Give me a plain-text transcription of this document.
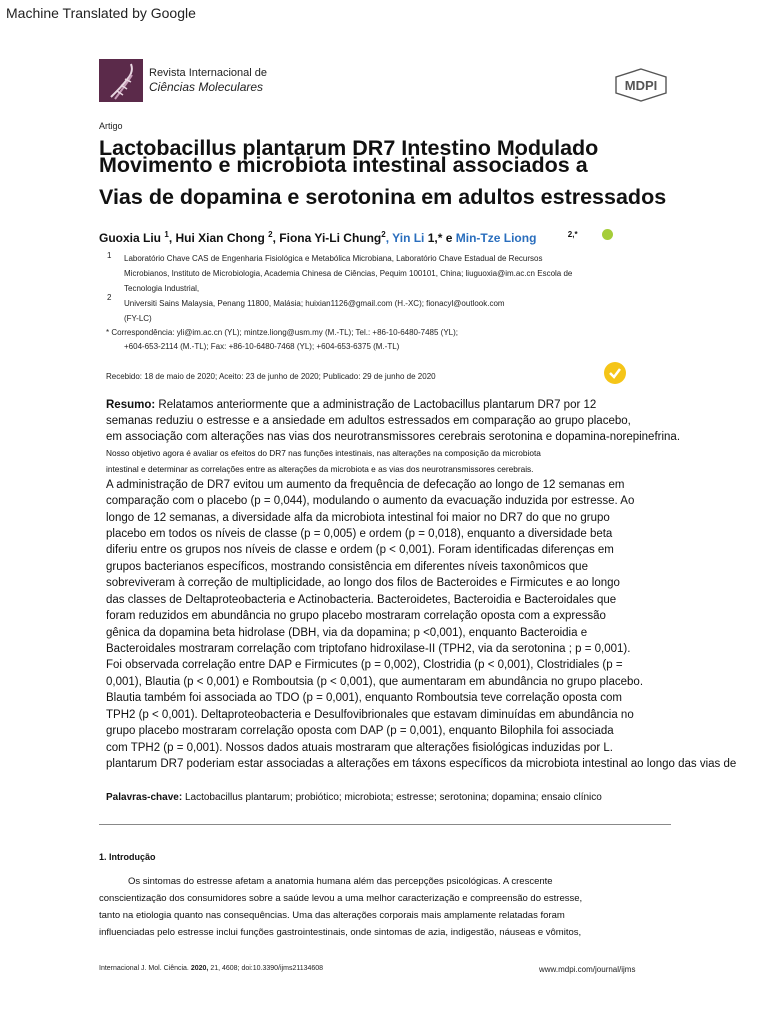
Machine Translated by Google
Revista Internacional de
Ciências Moleculares	MDPI
Artigo
Lactobacillus plantarum DR7 Intestino Modulado
Movimento e microbiota intestinal associados a
Vias de dopamina e serotonina em adultos estressados
Guoxia Liu $^1$, Hui Xian Chong $^2$, Fiona Yi-Li Chung$^2$, Yin Li 1,* e Min-Tze Liong	$^{2,*}$
1 Laboratório Chave CAS de Engenharia Fisiológica e Metabólica Microbiana, Laboratório Chave Estadual de Recursos
Microbianos, Instituto de Microbiologia, Academia Chinesa de Ciências, Pequim 100101, China; liuguoxia@im.ac.cn Escola de
Tecnologia Industrial,
2
Universiti Sains Malaysia, Penang 11800, Malásia; huixian1126@gmail.com (H.-XC); fionacyl@outlook.com
(FY-LC)
* Correspondência: yli@im.ac.cn (YL); mintze.liong@usm.my (M.-TL); Tel.: +86-10-6480-7485 (YL);
+604-653-2114 (M.-TL); Fax: +86-10-6480-7468 (YL); +604-653-6375 (M.-TL)
Recebido: 18 de maio de 2020; Aceito: 23 de junho de 2020; Publicado: 29 de junho de 2020
Resumo: Relatamos anteriormente que a administração de Lactobacillus plantarum DR7 por 12
semanas reduziu o estresse e a ansiedade em adultos estressados em comparação ao grupo placebo,
em associação com alterações nas vias dos neurotransmissores cerebrais serotonina e dopamina-norepinefrina.
Nosso objetivo agora é avaliar os efeitos do DR7 nas funções intestinais, nas alterações na composição da microbiota
intestinal e determinar as correlações entre as alterações da microbiota e as vias dos neurotransmissores cerebrais.
A administração de DR7 evitou um aumento da frequência de defecação ao longo de 12 semanas em
comparação com o placebo (p = 0,044), modulando o aumento da evacuação induzida por estresse. Ao
longo de 12 semanas, a diversidade alfa da microbiota intestinal foi maior no DR7 do que no grupo
placebo em todos os níveis de classe (p = 0,005) e ordem (p = 0,018), enquanto a diversidade beta
diferiu entre os grupos nos níveis de classe e ordem (p < 0,001). Foram identificadas diferenças em
grupos bacterianos específicos, mostrando consistência em diferentes níveis taxonômicos que
sobreviveram à correção de multiplicidade, ao longo dos filos de Bacteroides e Firmicutes e ao longo
das classes de Deltaproteobacteria e Actinobacteria. Bacteroidetes, Bacteroidia e Bacteroidales que
foram reduzidos em abundância no grupo placebo mostraram correlação oposta com a expressão
gênica da dopamina beta hidrolase (DBH, via da dopamina; p <0,001), enquanto Bacteroidia e
Bacteroidales mostraram correlação com triptofano hidroxilase-II (TPH2, via da serotonina ; p = 0,001).
Foi observada correlação entre DAP e Firmicutes (p = 0,002), Clostridia (p < 0,001), Clostridiales (p =
0,001), Blautia (p < 0,001) e Romboutsia (p < 0,001), que aumentaram em abundância no grupo placebo.
Blautia também foi associada ao TDO (p = 0,001), enquanto Romboutsia teve correlação oposta com
TPH2 (p < 0,001). Deltaproteobacteria e Desulfovibrionales que estavam diminuídas em abundância no
grupo placebo mostraram correlação oposta com DAP (p = 0,001), enquanto Bilophila foi associada
com TPH2 (p = 0,001). Nossos dados atuais mostraram que alterações fisiológicas induzidas por L.
plantarum DR7 poderiam estar associadas a alterações em táxons específicos da microbiota intestinal ao longo das vias de
Palavras-chave: Lactobacillus plantarum; probiótico; microbiota; estresse; serotonina; dopamina; ensaio clínico
1. Introdução
Os sintomas do estresse afetam a anatomia humana além das percepções psicológicas. A crescente
conscientização dos consumidores sobre a saúde levou a uma melhor caracterização e compreensão do estresse,
tanto na etiologia quanto nas consequências. Uma das alterações corporais mais amplamente relatadas foram
influenciadas pelo estresse inclui funções gastrointestinais, onde sintomas de azia, indigestão, náuseas e vômitos,
Internacional J. Mol. Ciência. 2020, 21, 4608; doi:10.3390/ijms21134608	www.mdpi.com/journal/ijms
